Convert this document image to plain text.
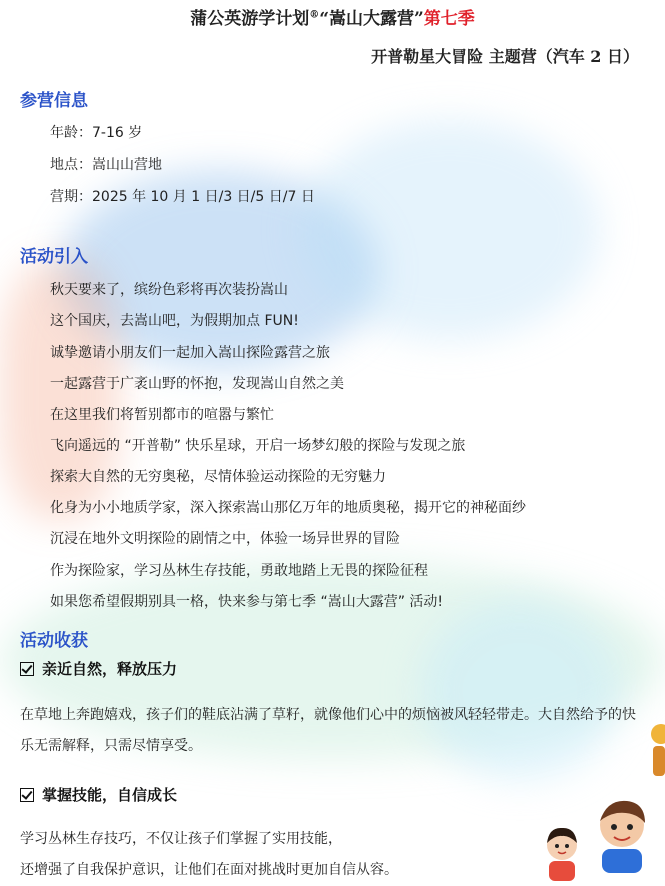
蒲公英游学计划®“嵩山大露营”第七季
开普勒星大冒险 主题营（汽车 2 日）
参营信息
年龄：7-16 岁
地点：嵩山山营地
营期：2025 年 10 月 1 日/3 日/5 日/7 日
活动引入
秋天要来了，缤纷色彩将再次装扮嵩山
这个国庆，去嵩山吧，为假期加点 FUN!
诚挚邀请小朋友们一起加入嵩山探险露营之旅
一起露营于广袤山野的怀抱，发现嵩山自然之美
在这里我们将暂别都市的喧嚣与繁忙
飞向遥远的 “开普勒” 快乐星球，开启一场梦幻般的探险与发现之旅
探索大自然的无穷奥秘，尽情体验运动探险的无穷魅力
化身为小小地质学家，深入探索嵩山那亿万年的地质奥秘，揭开它的神秘面纱
沉浸在地外文明探险的剧情之中，体验一场异世界的冒险
作为探险家，学习丛林生存技能，勇敢地踏上无畏的探险征程
如果您希望假期别具一格，快来参与第七季 “嵩山大露营” 活动!
活动收获
亲近自然，释放压力
在草地上奔跑嬉戏，孩子们的鞋底沾满了草籽，就像他们心中的烦恼被风轻轻带走。大自然给予的快乐无需解释，只需尽情享受。
掌握技能，自信成长
学习丛林生存技巧，不仅让孩子们掌握了实用技能，
还增强了自我保护意识，让他们在面对挑战时更加自信从容。
